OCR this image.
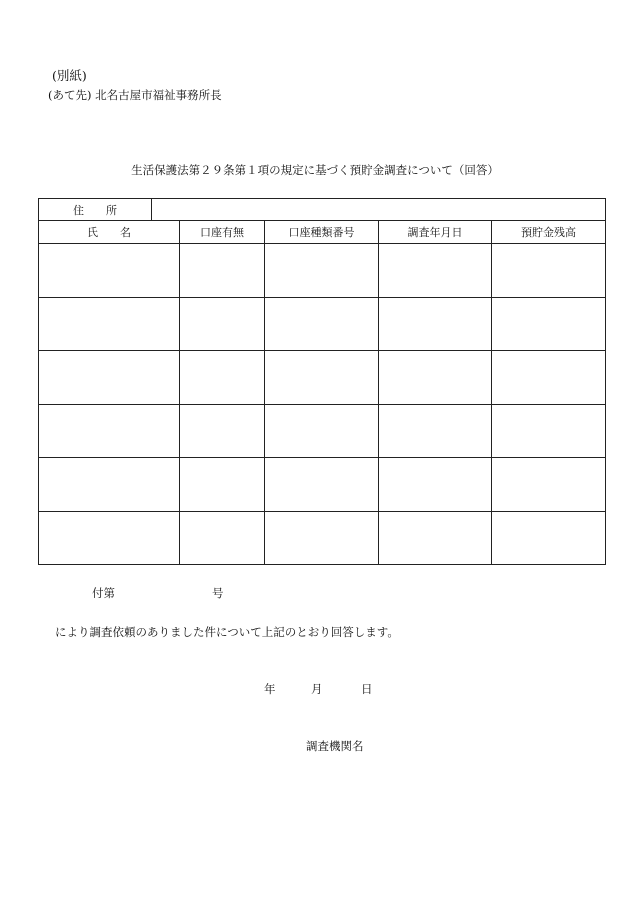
(別紙)
(あて先) 北名古屋市福祉事務所長
生活保護法第２９条第１項の規定に基づく預貯金調査について（回答）
住　　所					
氏　　名		口座有無	口座種類番号	調査年月日	預貯金残高

付第	号
により調査依頼のありました件について上記のとおり回答します。
年	月	日
調査機関名
